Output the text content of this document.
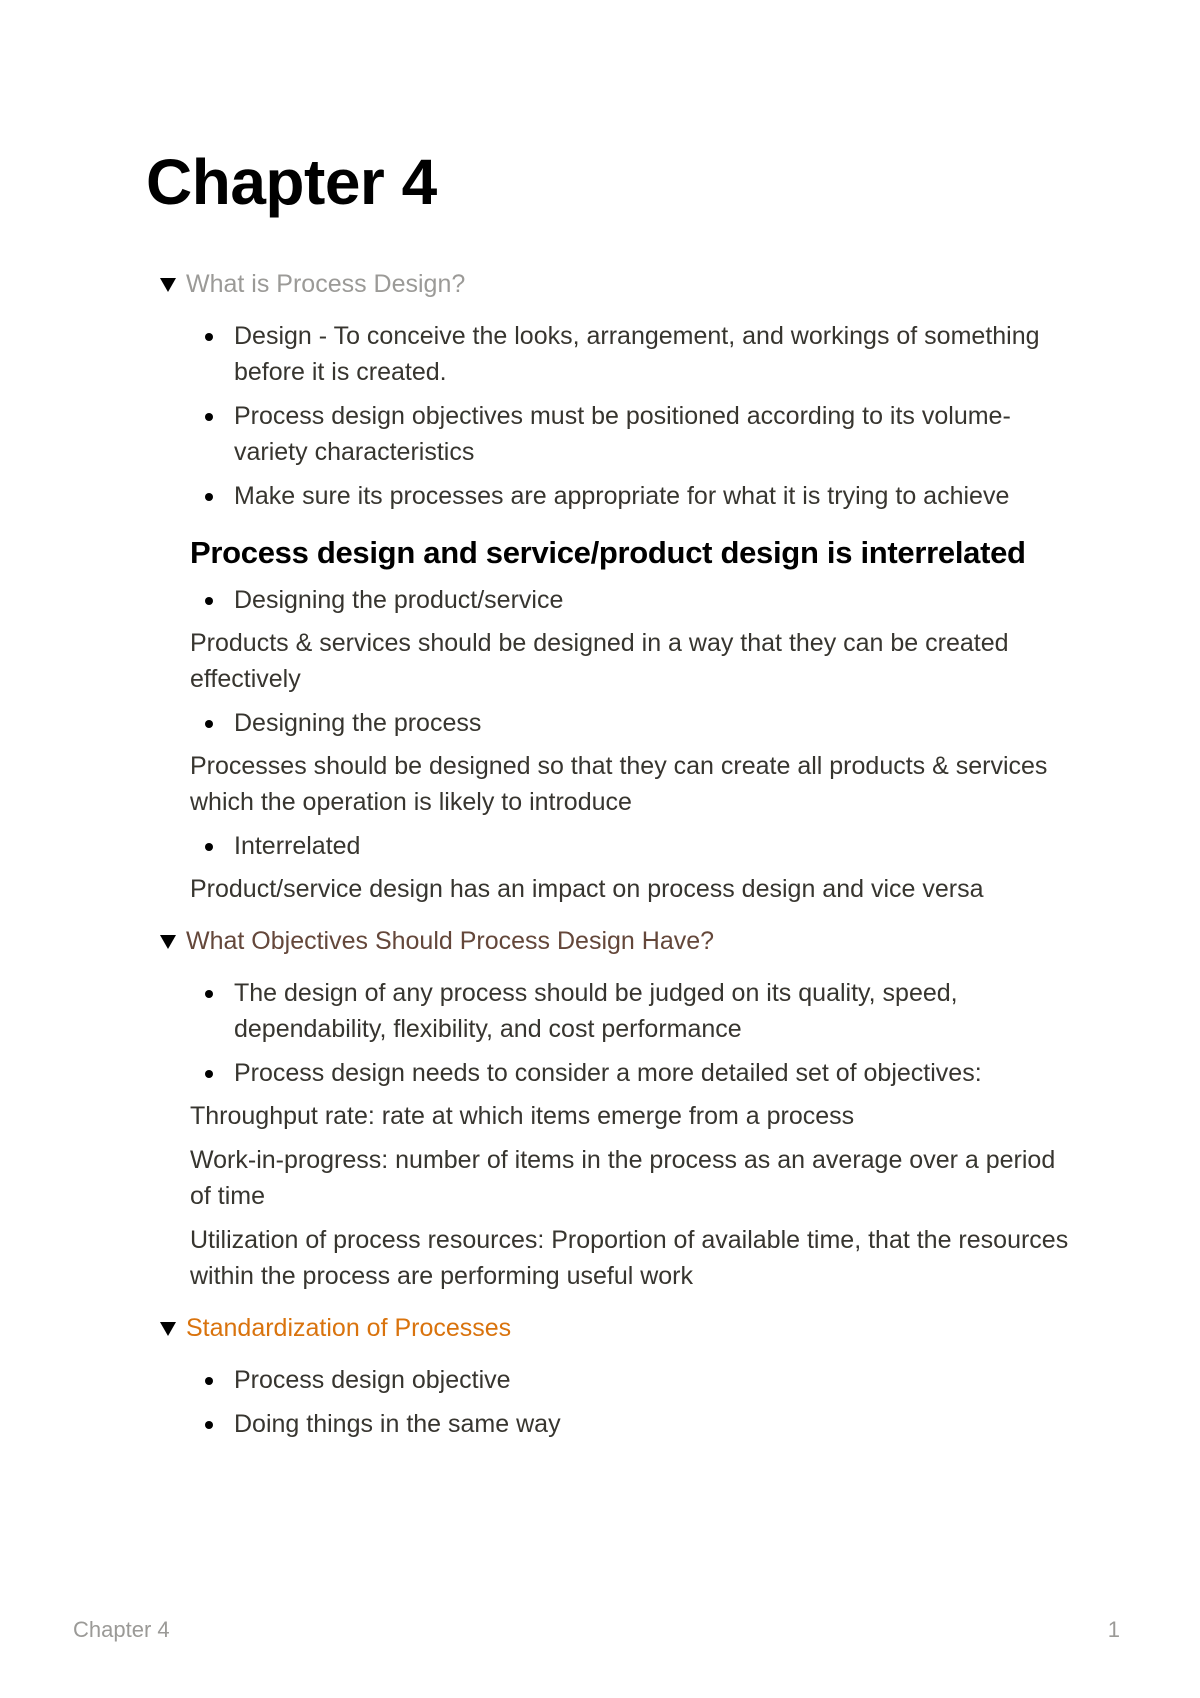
Chapter 4
What is Process Design?
Design - To conceive the looks, arrangement, and workings of something before it is created.
Process design objectives must be positioned according to its volume-variety characteristics
Make sure its processes are appropriate for what it is trying to achieve
Process design and service/product design is interrelated
Designing the product/service
Products & services should be designed in a way that they can be created effectively
Designing the process
Processes should be designed so that they can create all products & services which the operation is likely to introduce
Interrelated
Product/service design has an impact on process design and vice versa
What Objectives Should Process Design Have?
The design of any process should be judged on its quality, speed, dependability, flexibility, and cost performance
Process design needs to consider a more detailed set of objectives:
Throughput rate: rate at which items emerge from a process
Work-in-progress: number of items in the process as an average over a period of time
Utilization of process resources: Proportion of available time, that the resources within the process are performing useful work
Standardization of Processes
Process design objective
Doing things in the same way
Chapter 4	1
